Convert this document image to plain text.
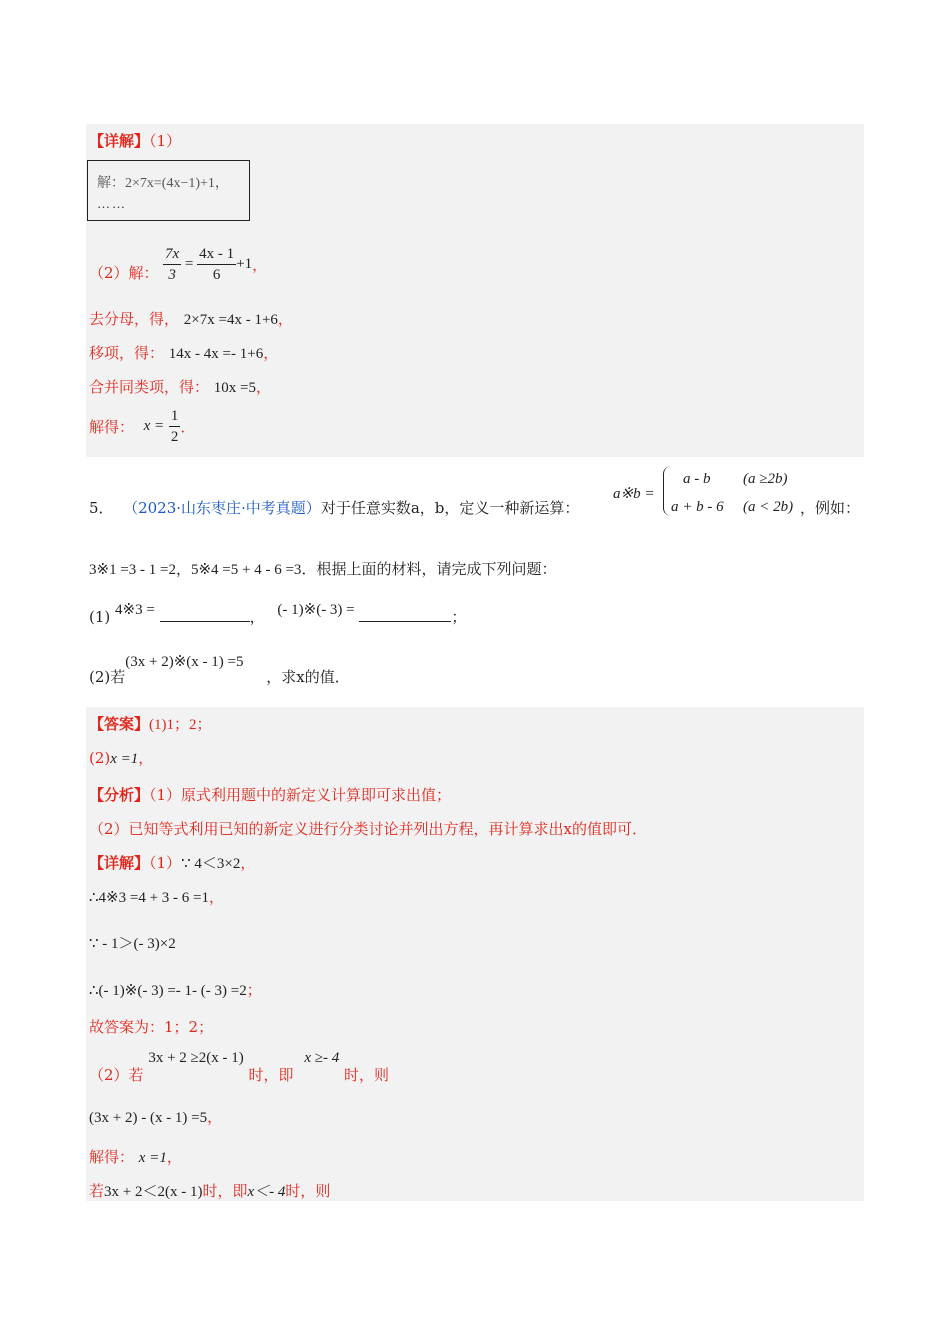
【详解】（1）
解：2×7x=(4x−1)+1，
……
（2）解： $\frac{7x}{3} = \frac{4x - 1}{6} +1$，
去分母，得， 2×7x =4x - 1+6，
移项，得： 14x - 4x =- 1+6，
合并同类项，得： 10x =5，
解得： $x = \frac{1}{2}$ ．
5． （2023·山东枣庄·中考真题）对于任意实数a，b，定义一种新运算：
a※b =
a - b (a ≥2b)
a + b - 6 (a < 2b) ，例如：
3※1 =3 - 1 =2，5※4 =5 + 4 - 6 =3．根据上面的材料，请完成下列问题：
(1) 4※3 =	， (- 1)※(- 3) =	；
(2)若(3x + 2)※(x - 1) =5 ，求x的值．
【答案】(1)1；2；
(2)x =1，
【分析】（1）原式利用题中的新定义计算即可求出值；
（2）已知等式利用已知的新定义进行分类讨论并列出方程，再计算求出x的值即可．
【详解】（1）∵ 4＜3×2，
∴4※3 =4 + 3 - 6 =1，
∵ - 1＞(- 3)×2
∴(- 1)※(- 3) =- 1- (- 3) =2；
故答案为：1；2；
（2）若 3x + 2 ≥2(x - 1) 时，即 x ≥- 4 时，则
(3x + 2) - (x - 1) =5，
解得： x =1，
若3x + 2＜2(x - 1)时，即x＜- 4时，则
